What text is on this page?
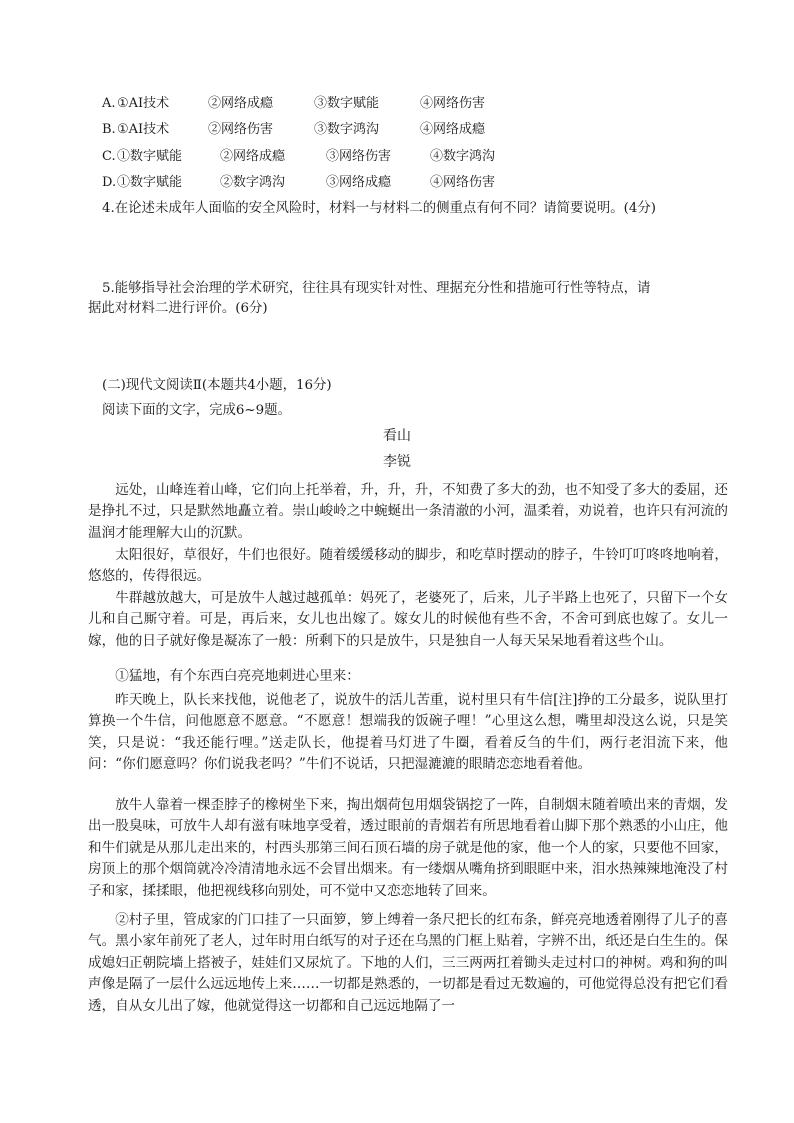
A. ①AI技术	②网络成瘾	③数字赋能	④网络伤害
B. ①AI技术	②网络伤害	③数字鸿沟	④网络成瘾
C. ①数字赋能	②网络成瘾	③网络伤害	④数字鸿沟
D. ①数字赋能	②数字鸿沟	③网络成瘾	④网络伤害
4.在论述未成年人面临的安全风险时，材料一与材料二的侧重点有何不同？请简要说明。(4分)
5.能够指导社会治理的学术研究，往往具有现实针对性、理据充分性和措施可行性等特点，请
据此对材料二进行评价。(6分)
(二)现代文阅读Ⅱ(本题共4小题，16分)
阅读下面的文字，完成6~9题。
看山
李锐
远处，山峰连着山峰，它们向上托举着，升，升，升，不知费了多大的劲，也不知受了多大的委屈，还是挣扎不过，只是默然地矗立着。崇山峻岭之中蜿蜒出一条清澈的小河，温柔着，劝说着，也许只有河流的温润才能理解大山的沉默。
太阳很好，草很好，牛们也很好。随着缓缓移动的脚步，和吃草时摆动的脖子，牛铃叮叮咚咚地响着，悠悠的，传得很远。
牛群越放越大，可是放牛人越过越孤单：妈死了，老婆死了，后来，儿子半路上也死了，只留下一个女儿和自己厮守着。可是，再后来，女儿也出嫁了。嫁女儿的时候他有些不舍，不舍可到底也嫁了。女儿一嫁，他的日子就好像是凝冻了一般：所剩下的只是放牛，只是独自一人每天呆呆地看着这些个山。
①猛地，有个东西白亮亮地刺进心里来：
昨天晚上，队长来找他，说他老了，说放牛的活儿苦重，说村里只有牛信[注]挣的工分最多，说队里打算换一个牛信，问他愿意不愿意。“不愿意！想端我的饭碗子哩！”心里这么想，嘴里却没这么说，只是笑笑，只是说：“我还能行哩。”送走队长，他提着马灯进了牛圈，看着反刍的牛们，两行老泪流下来，他问：“你们愿意吗？你们说我老吗？”牛们不说话，只把湿漉漉的眼睛恋恋地看着他。
放牛人靠着一棵歪脖子的橡树坐下来，掏出烟荷包用烟袋锅挖了一阵，自制烟末随着喷出来的青烟，发出一股臭味，可放牛人却有滋有味地享受着，透过眼前的青烟若有所思地看着山脚下那个熟悉的小山庄，他和牛们就是从那儿走出来的，村西头那第三间石顶石墙的房子就是他的家，他一个人的家，只要他不回家，房顶上的那个烟筒就冷冷清清地永远不会冒出烟来。有一缕烟从嘴角挤到眼眶中来，泪水热辣辣地淹没了村子和家，揉揉眼，他把视线移向别处，可不觉中又恋恋地转了回来。
②村子里，管成家的门口挂了一只面箩，箩上缚着一条尺把长的红布条，鲜亮亮地透着刚得了儿子的喜气。黑小家年前死了老人，过年时用白纸写的对子还在乌黑的门框上贴着，字辨不出，纸还是白生生的。保成媳妇正朝院墙上搭被子，娃娃们又尿炕了。下地的人们，三三两两扛着锄头走过村口的神树。鸡和狗的叫声像是隔了一层什么远远地传上来……一切都是熟悉的，一切都是看过无数遍的，可他觉得总没有把它们看透，自从女儿出了嫁，他就觉得这一切都和自己远远地隔了一
